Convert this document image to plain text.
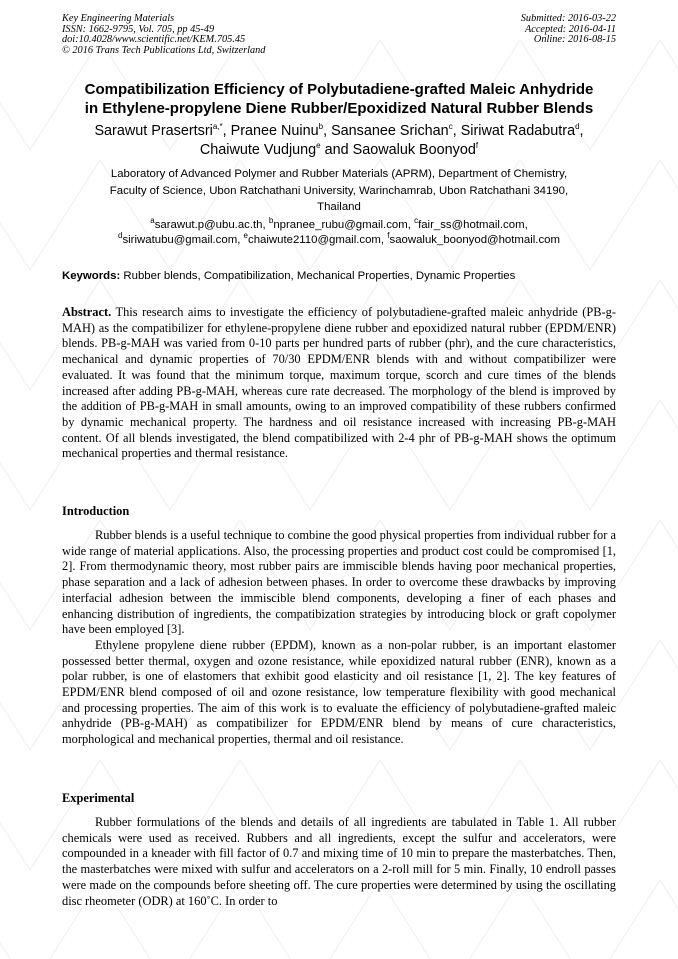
Key Engineering Materials
ISSN: 1662-9795, Vol. 705, pp 45-49
doi:10.4028/www.scientific.net/KEM.705.45
© 2016 Trans Tech Publications Ltd, Switzerland
Submitted: 2016-03-22
Accepted: 2016-04-11
Online: 2016-08-15
Compatibilization Efficiency of Polybutadiene-grafted Maleic Anhydride
in Ethylene-propylene Diene Rubber/Epoxidized Natural Rubber Blends
Sarawut Prasertsri$^{a,*}$, Pranee Nuinu$^b$, Sansanee Srichan$^c$, Siriwat Radabutra$^d$,
Chaiwute Vudjung$^e$ and Saowaluk Boonyod$^f$
Laboratory of Advanced Polymer and Rubber Materials (APRM), Department of Chemistry,
Faculty of Science, Ubon Ratchathani University, Warinchamrab, Ubon Ratchathani 34190,
Thailand
$^a$sarawut.p@ubu.ac.th, $^b$npranee_rubu@gmail.com, $^c$fair_ss@hotmail.com,
$^d$siriwatubu@gmail.com, $^e$chaiwute2110@gmail.com, $^f$saowaluk_boonyod@hotmail.com
Keywords: Rubber blends, Compatibilization, Mechanical Properties, Dynamic Properties

Abstract. This research aims to investigate the efficiency of polybutadiene-grafted maleic anhydride (PB-g-MAH) as the compatibilizer for ethylene-propylene diene rubber and epoxidized natural rubber (EPDM/ENR) blends. PB-g-MAH was varied from 0-10 parts per hundred parts of rubber (phr), and the cure characteristics, mechanical and dynamic properties of 70/30 EPDM/ENR blends with and without compatibilizer were evaluated. It was found that the minimum torque, maximum torque, scorch and cure times of the blends increased after adding PB-g-MAH, whereas cure rate decreased. The morphology of the blend is improved by the addition of PB-g-MAH in small amounts, owing to an improved compatibility of these rubbers confirmed by dynamic mechanical property. The hardness and oil resistance increased with increasing PB-g-MAH content. Of all blends investigated, the blend compatibilized with 2-4 phr of PB-g-MAH shows the optimum mechanical properties and thermal resistance.

Introduction

Rubber blends is a useful technique to combine the good physical properties from individual rubber for a wide range of material applications. Also, the processing properties and product cost could be compromised [1, 2]. From thermodynamic theory, most rubber pairs are immiscible blends having poor mechanical properties, phase separation and a lack of adhesion between phases. In order to overcome these drawbacks by improving interfacial adhesion between the immiscible blend components, developing a finer of each phases and enhancing distribution of ingredients, the compatibization strategies by introducing block or graft copolymer have been employed [3].

Ethylene propylene diene rubber (EPDM), known as a non-polar rubber, is an important elastomer possessed better thermal, oxygen and ozone resistance, while epoxidized natural rubber (ENR), known as a polar rubber, is one of elastomers that exhibit good elasticity and oil resistance [1, 2]. The key features of EPDM/ENR blend composed of oil and ozone resistance, low temperature flexibility with good mechanical and processing properties. The aim of this work is to evaluate the efficiency of polybutadiene-grafted maleic anhydride (PB-g-MAH) as compatibilizer for EPDM/ENR blend by means of cure characteristics, morphological and mechanical properties, thermal and oil resistance.

Experimental

Rubber formulations of the blends and details of all ingredients are tabulated in Table 1. All rubber chemicals were used as received. Rubbers and all ingredients, except the sulfur and accelerators, were compounded in a kneader with fill factor of 0.7 and mixing time of 10 min to prepare the masterbatches. Then, the masterbatches were mixed with sulfur and accelerators on a 2-roll mill for 5 min. Finally, 10 endroll passes were made on the compounds before sheeting off. The cure properties were determined by using the oscillating disc rheometer (ODR) at 160˚C. In order to
